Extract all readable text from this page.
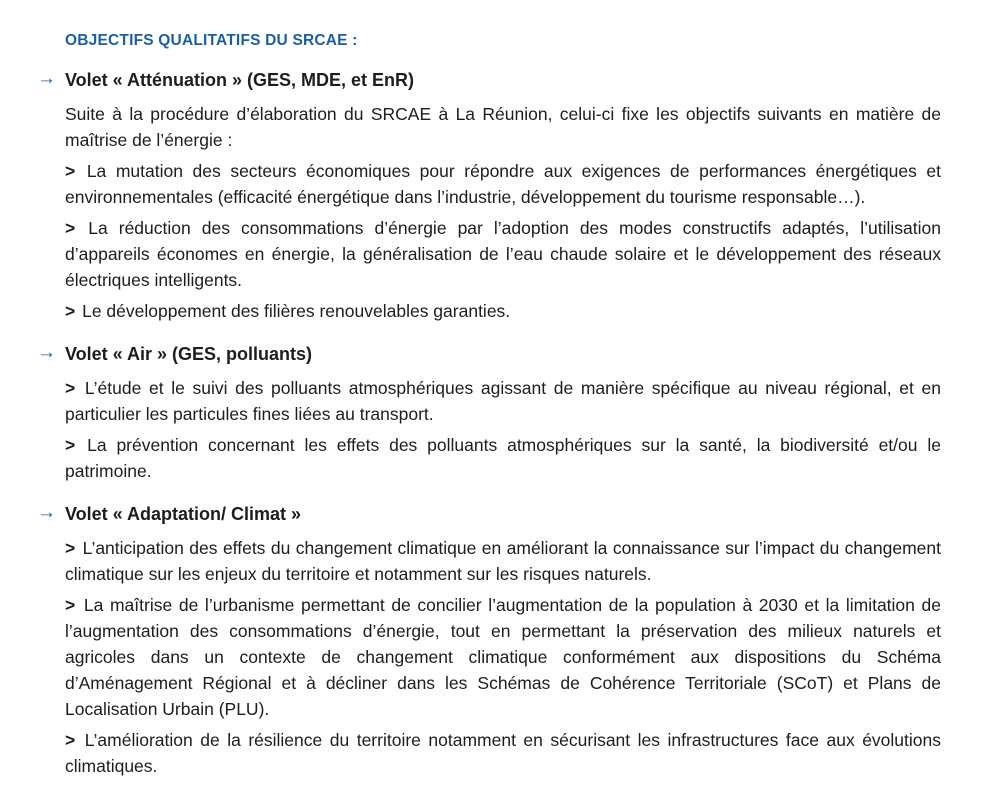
OBJECTIFS QUALITATIFS DU SRCAE :
→ Volet « Atténuation » (GES, MDE, et EnR)

Suite à la procédure d’élaboration du SRCAE à La Réunion, celui-ci fixe les objectifs suivants en matière de maîtrise de l’énergie :

> La mutation des secteurs économiques pour répondre aux exigences de performances énergétiques et environnementales (efficacité énergétique dans l’industrie, développement du tourisme responsable…).

> La réduction des consommations d’énergie par l’adoption des modes constructifs adaptés, l’utilisation d’appareils économes en énergie, la généralisation de l’eau chaude solaire et le développement des réseaux électriques intelligents.

> Le développement des filières renouvelables garanties.

→ Volet « Air » (GES, polluants)

> L’étude et le suivi des polluants atmosphériques agissant de manière spécifique au niveau régional, et en particulier les particules fines liées au transport.

> La prévention concernant les effets des polluants atmosphériques sur la santé, la biodiversité et/ou le patrimoine.

→ Volet « Adaptation/ Climat »

> L’anticipation des effets du changement climatique en améliorant la connaissance sur l’impact du changement climatique sur les enjeux du territoire et notamment sur les risques naturels.

> La maîtrise de l’urbanisme permettant de concilier l’augmentation de la population à 2030 et la limitation de l’augmentation des consommations d’énergie, tout en permettant la préservation des milieux naturels et agricoles dans un contexte de changement climatique conformément aux dispositions du Schéma d’Aménagement Régional et à décliner dans les Schémas de Cohérence Territoriale (SCoT) et Plans de Localisation Urbain (PLU).

> L’amélioration de la résilience du territoire notamment en sécurisant les infrastructures face aux évolutions climatiques.
